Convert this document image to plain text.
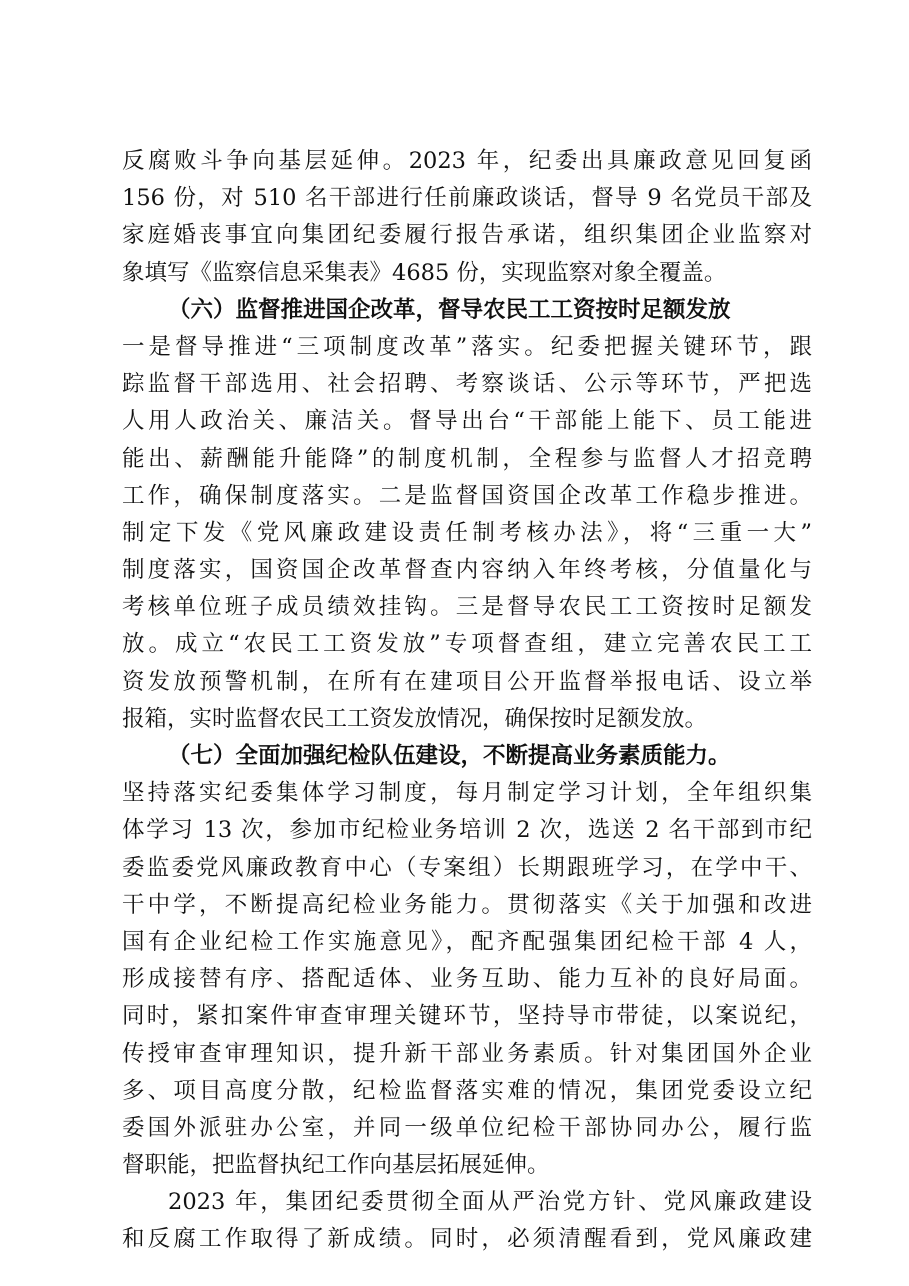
反腐败斗争向基层延伸。2023 年，纪委出具廉政意见回复函
156 份，对 510 名干部进行任前廉政谈话，督导 9 名党员干部及
家庭婚丧事宜向集团纪委履行报告承诺，组织集团企业监察对
象填写《监察信息采集表》4685 份，实现监察对象全覆盖。
（六）监督推进国企改革，督导农民工工资按时足额发放
一是督导推进“三项制度改革”落实。纪委把握关键环节，跟
踪监督干部选用、社会招聘、考察谈话、公示等环节，严把选
人用人政治关、廉洁关。督导出台“干部能上能下、员工能进
能出、薪酬能升能降”的制度机制，全程参与监督人才招竞聘
工作，确保制度落实。二是监督国资国企改革工作稳步推进。
制定下发《党风廉政建设责任制考核办法》，将“三重一大”
制度落实，国资国企改革督查内容纳入年终考核，分值量化与
考核单位班子成员绩效挂钩。三是督导农民工工资按时足额发
放。成立“农民工工资发放”专项督查组，建立完善农民工工
资发放预警机制，在所有在建项目公开监督举报电话、设立举
报箱，实时监督农民工工资发放情况，确保按时足额发放。
（七）全面加强纪检队伍建设，不断提高业务素质能力。
坚持落实纪委集体学习制度，每月制定学习计划，全年组织集
体学习 13 次，参加市纪检业务培训 2 次，选送 2 名干部到市纪
委监委党风廉政教育中心（专案组）长期跟班学习，在学中干、
干中学，不断提高纪检业务能力。贯彻落实《关于加强和改进
国有企业纪检工作实施意见》，配齐配强集团纪检干部 4 人，
形成接替有序、搭配适体、业务互助、能力互补的良好局面。
同时，紧扣案件审查审理关键环节，坚持导市带徒，以案说纪，
传授审查审理知识，提升新干部业务素质。针对集团国外企业
多、项目高度分散，纪检监督落实难的情况，集团党委设立纪
委国外派驻办公室，并同一级单位纪检干部协同办公，履行监
督职能，把监督执纪工作向基层拓展延伸。
2023 年，集团纪委贯彻全面从严治党方针、党风廉政建设
和反腐工作取得了新成绩。同时，必须清醒看到，党风廉政建
